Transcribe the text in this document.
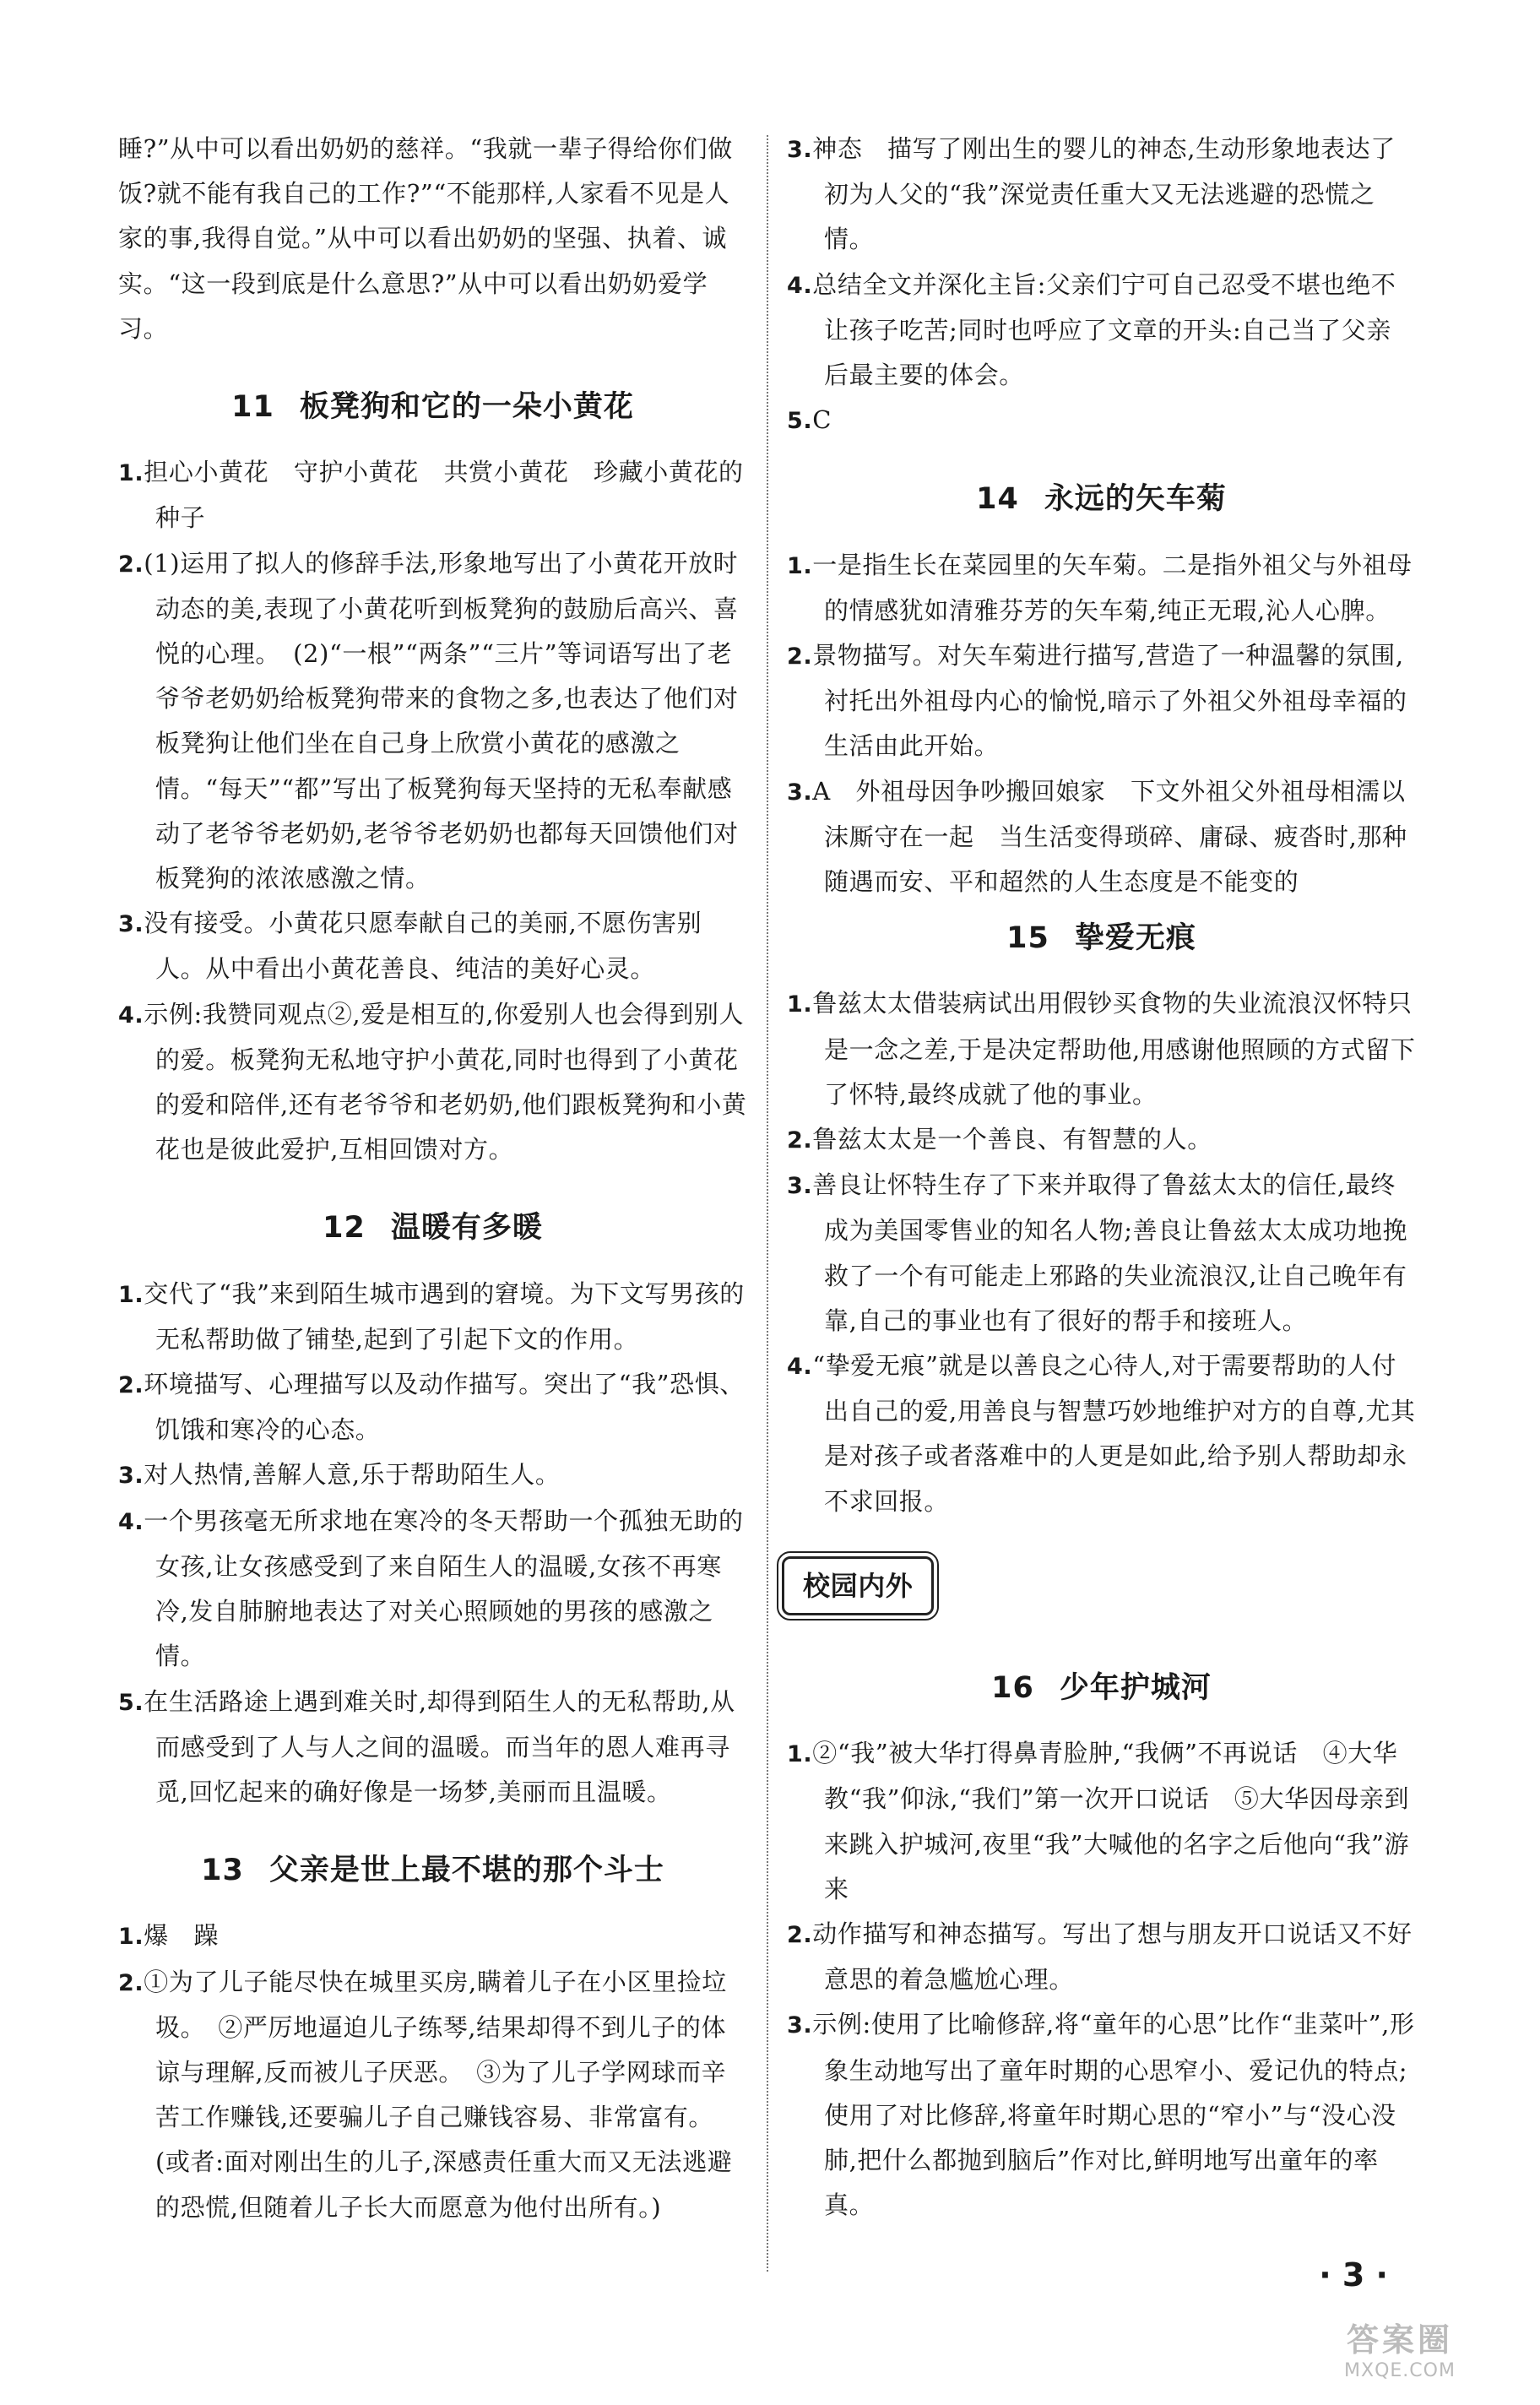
睡?”从中可以看出奶奶的慈祥。“我就一辈子得给你们做饭?就不能有我自己的工作?”“不能那样,人家看不见是人家的事,我得自觉。”从中可以看出奶奶的坚强、执着、诚实。“这一段到底是什么意思?”从中可以看出奶奶爱学习。

11 板凳狗和它的一朵小黄花

1.担心小黄花　守护小黄花　共赏小黄花　珍藏小黄花的种子

2.(1)运用了拟人的修辞手法,形象地写出了小黄花开放时动态的美,表现了小黄花听到板凳狗的鼓励后高兴、喜悦的心理。　(2)“一根”“两条”“三片”等词语写出了老爷爷老奶奶给板凳狗带来的食物之多,也表达了他们对板凳狗让他们坐在自己身上欣赏小黄花的感激之情。“每天”“都”写出了板凳狗每天坚持的无私奉献感动了老爷爷老奶奶,老爷爷老奶奶也都每天回馈他们对板凳狗的浓浓感激之情。

3.没有接受。小黄花只愿奉献自己的美丽,不愿伤害别人。从中看出小黄花善良、纯洁的美好心灵。

4.示例:我赞同观点②,爱是相互的,你爱别人也会得到别人的爱。板凳狗无私地守护小黄花,同时也得到了小黄花的爱和陪伴,还有老爷爷和老奶奶,他们跟板凳狗和小黄花也是彼此爱护,互相回馈对方。

12 温暖有多暖

1.交代了“我”来到陌生城市遇到的窘境。为下文写男孩的无私帮助做了铺垫,起到了引起下文的作用。

2.环境描写、心理描写以及动作描写。突出了“我”恐惧、饥饿和寒冷的心态。

3.对人热情,善解人意,乐于帮助陌生人。

4.一个男孩毫无所求地在寒冷的冬天帮助一个孤独无助的女孩,让女孩感受到了来自陌生人的温暖,女孩不再寒冷,发自肺腑地表达了对关心照顾她的男孩的感激之情。

5.在生活路途上遇到难关时,却得到陌生人的无私帮助,从而感受到了人与人之间的温暖。而当年的恩人难再寻觅,回忆起来的确好像是一场梦,美丽而且温暖。

13 父亲是世上最不堪的那个斗士

1.爆　躁

2.①为了儿子能尽快在城里买房,瞒着儿子在小区里捡垃圾。　②严厉地逼迫儿子练琴,结果却得不到儿子的体谅与理解,反而被儿子厌恶。　③为了儿子学网球而辛苦工作赚钱,还要骗儿子自己赚钱容易、非常富有。(或者:面对刚出生的儿子,深感责任重大而又无法逃避的恐慌,但随着儿子长大而愿意为他付出所有。)

3.神态　描写了刚出生的婴儿的神态,生动形象地表达了初为人父的“我”深觉责任重大又无法逃避的恐慌之情。

4.总结全文并深化主旨:父亲们宁可自己忍受不堪也绝不让孩子吃苦;同时也呼应了文章的开头:自己当了父亲后最主要的体会。

5.C

14 永远的矢车菊

1.一是指生长在菜园里的矢车菊。二是指外祖父与外祖母的情感犹如清雅芬芳的矢车菊,纯正无瑕,沁人心脾。

2.景物描写。对矢车菊进行描写,营造了一种温馨的氛围,衬托出外祖母内心的愉悦,暗示了外祖父外祖母幸福的生活由此开始。

3.A　外祖母因争吵搬回娘家　下文外祖父外祖母相濡以沫厮守在一起　当生活变得琐碎、庸碌、疲沓时,那种随遇而安、平和超然的人生态度是不能变的

15 挚爱无痕

1.鲁兹太太借装病试出用假钞买食物的失业流浪汉怀特只是一念之差,于是决定帮助他,用感谢他照顾的方式留下了怀特,最终成就了他的事业。

2.鲁兹太太是一个善良、有智慧的人。

3.善良让怀特生存了下来并取得了鲁兹太太的信任,最终成为美国零售业的知名人物;善良让鲁兹太太成功地挽救了一个有可能走上邪路的失业流浪汉,让自己晚年有靠,自己的事业也有了很好的帮手和接班人。

4.“挚爱无痕”就是以善良之心待人,对于需要帮助的人付出自己的爱,用善良与智慧巧妙地维护对方的自尊,尤其是对孩子或者落难中的人更是如此,给予别人帮助却永不求回报。

校园内外
16 少年护城河

1.②“我”被大华打得鼻青脸肿,“我俩”不再说话　④大华教“我”仰泳,“我们”第一次开口说话　⑤大华因母亲到来跳入护城河,夜里“我”大喊他的名字之后他向“我”游来

2.动作描写和神态描写。写出了想与朋友开口说话又不好意思的着急尴尬心理。

3.示例:使用了比喻修辞,将“童年的心思”比作“韭菜叶”,形象生动地写出了童年时期的心思窄小、爱记仇的特点;使用了对比修辞,将童年时期心思的“窄小”与“没心没肺,把什么都抛到脑后”作对比,鲜明地写出童年的率真。

· 3 ·
答案圈
MXQE.COM
